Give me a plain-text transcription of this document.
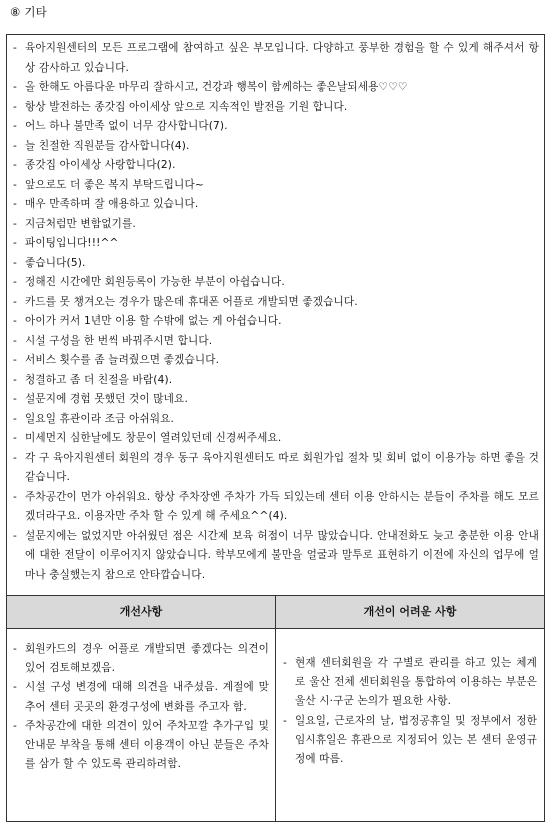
⑧ 기타
- 육아지원센터의 모든 프로그램에 참여하고 싶은 부모입니다. 다양하고 풍부한 경험을 할 수 있게 해주셔서 항상 감사하고 있습니다.
- 올 한해도 아름다운 마무리 잘하시고, 건강과 행복이 함께하는 좋은날되세용♡♡♡
- 항상 발전하는 종갓집 아이세상 앞으로 지속적인 발전을 기원 합니다.
- 어느 하나 불만족 없이 너무 감사합니다(7).
- 늘 친절한 직원분들 감사합니다(4).
- 종갓집 아이세상 사랑합니다(2).
- 앞으로도 더 좋은 복지 부탁드립니다~
- 매우 만족하며 잘 애용하고 있습니다.
- 지금처럼만 변함없기를.
- 파이팅입니다!!!^^
- 좋습니다(5).
- 정해진 시간에만 회원등록이 가능한 부분이 아쉽습니다.
- 카드를 못 챙겨오는 경우가 많은데 휴대폰 어플로 개발되면 좋겠습니다.
- 아이가 커서 1년만 이용 할 수밖에 없는 게 아쉽습니다.
- 시설 구성을 한 번씩 바꿔주시면 합니다.
- 서비스 횟수를 좀 늘려줬으면 좋겠습니다.
- 청결하고 좀 더 친절을 바람(4).
- 설문지에 경험 못했던 것이 많네요.
- 일요일 휴관이라 조금 아쉬워요.
- 미세먼지 심한날에도 창문이 열려있던데 신경써주세요.
- 각 구 육아지원센터 회원의 경우 동구 육아지원센터도 따로 회원가입 절차 및 회비 없이 이용가능 하면 좋을 것 같습니다.
- 주차공간이 먼가 아쉬워요. 항상 주차장엔 주차가 가득 되있는데 센터 이용 안하시는 분들이 주차를 해도 모르겠더라구요. 이용자만 주차 할 수 있게 해 주세요^^(4).
- 설문지에는 없었지만 아쉬웠던 점은 시간제 보육 허점이 너무 많았습니다. 안내전화도 늦고 충분한 이용 안내에 대한 전달이 이루어지지 않았습니다. 학부모에게 불만을 얼굴과 말투로 표현하기 이전에 자신의 업무에 얼마나 충실했는지 참으로 안타깝습니다.
개선사항	개선이 어려운 사항
- 회원카드의 경우 어플로 개발되면 좋겠다는 의견이 있어 검토해보겠음.
- 시설 구성 변경에 대해 의견을 내주셨음. 계절에 맞추어 센터 곳곳의 환경구성에 변화를 주고자 함.
- 주차공간에 대한 의견이 있어 주차꼬깔 추가구입 및 안내문 부착을 통해 센터 이용객이 아닌 분들은 주차를 삼가 할 수 있도록 관리하려함.
- 현재 센터회원을 각 구별로 관리를 하고 있는 체계로 울산 전체 센터회원을 통합하여 이용하는 부분은 울산 시·구군 논의가 필요한 사항.
- 일요일, 근로자의 날, 법정공휴일 및 정부에서 정한 임시휴일은 휴관으로 지정되어 있는 본 센터 운영규정에 따름.
